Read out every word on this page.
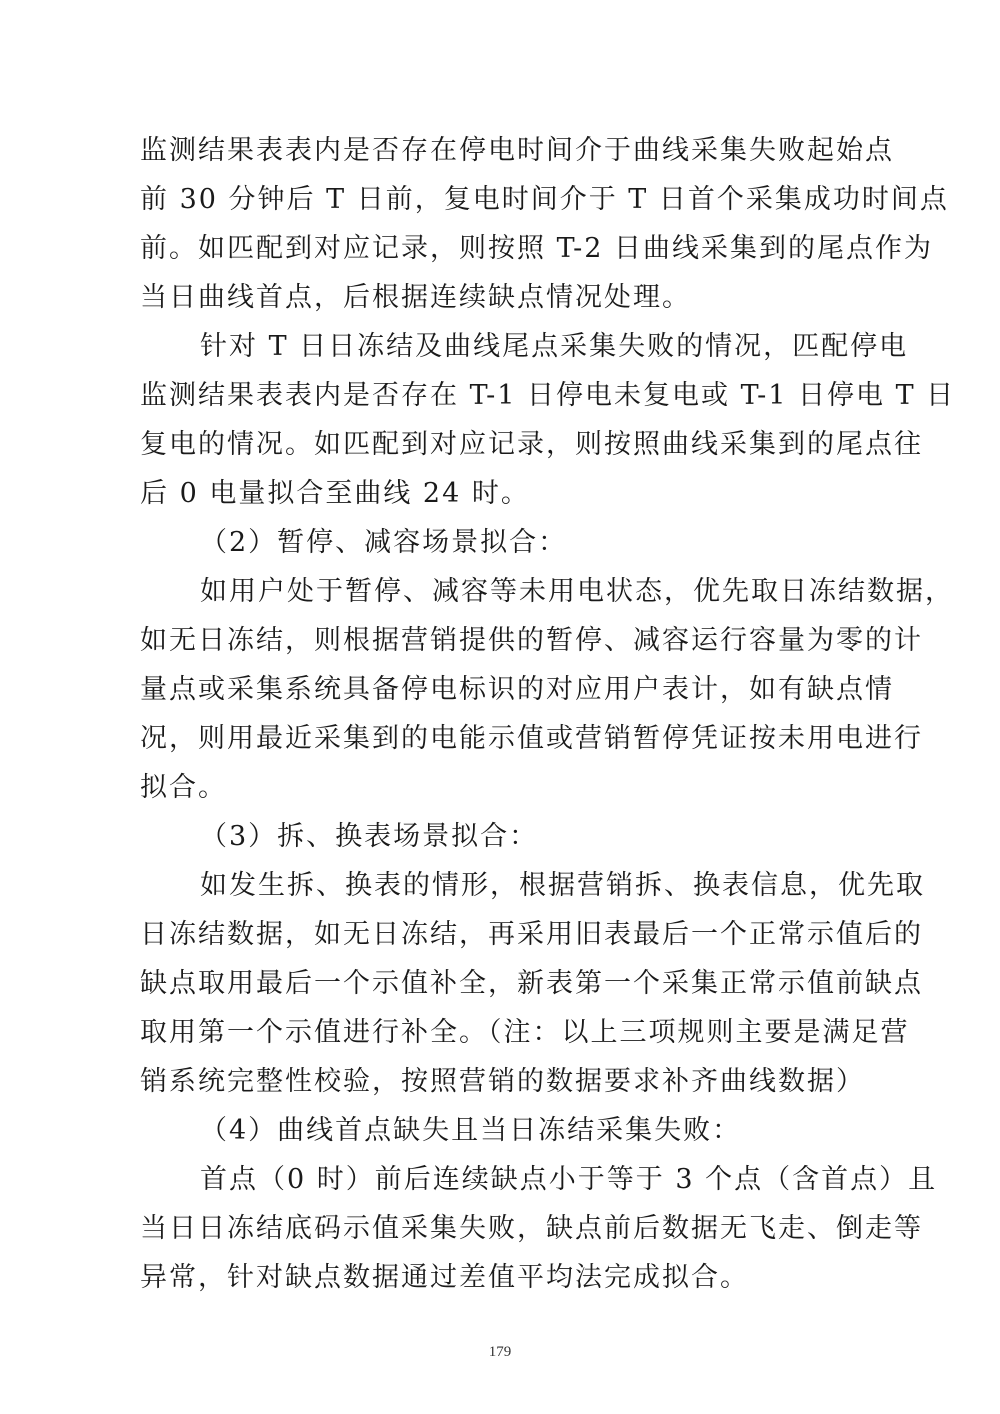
监测结果表表内是否存在停电时间介于曲线采集失败起始点
前 30 分钟后 T 日前，复电时间介于 T 日首个采集成功时间点
前。如匹配到对应记录，则按照 T-2 日曲线采集到的尾点作为
当日曲线首点，后根据连续缺点情况处理。
针对 T 日日冻结及曲线尾点采集失败的情况，匹配停电
监测结果表表内是否存在 T-1 日停电未复电或 T-1 日停电 T 日
复电的情况。如匹配到对应记录，则按照曲线采集到的尾点往
后 0 电量拟合至曲线 24 时。
（2）暂停、减容场景拟合：
如用户处于暂停、减容等未用电状态，优先取日冻结数据，
如无日冻结，则根据营销提供的暂停、减容运行容量为零的计
量点或采集系统具备停电标识的对应用户表计，如有缺点情
况，则用最近采集到的电能示值或营销暂停凭证按未用电进行
拟合。
（3）拆、换表场景拟合：
如发生拆、换表的情形，根据营销拆、换表信息，优先取
日冻结数据，如无日冻结，再采用旧表最后一个正常示值后的
缺点取用最后一个示值补全，新表第一个采集正常示值前缺点
取用第一个示值进行补全。（注：以上三项规则主要是满足营
销系统完整性校验，按照营销的数据要求补齐曲线数据）
（4）曲线首点缺失且当日冻结采集失败：
首点（0 时）前后连续缺点小于等于 3 个点（含首点）且
当日日冻结底码示值采集失败，缺点前后数据无飞走、倒走等
异常，针对缺点数据通过差值平均法完成拟合。
179
